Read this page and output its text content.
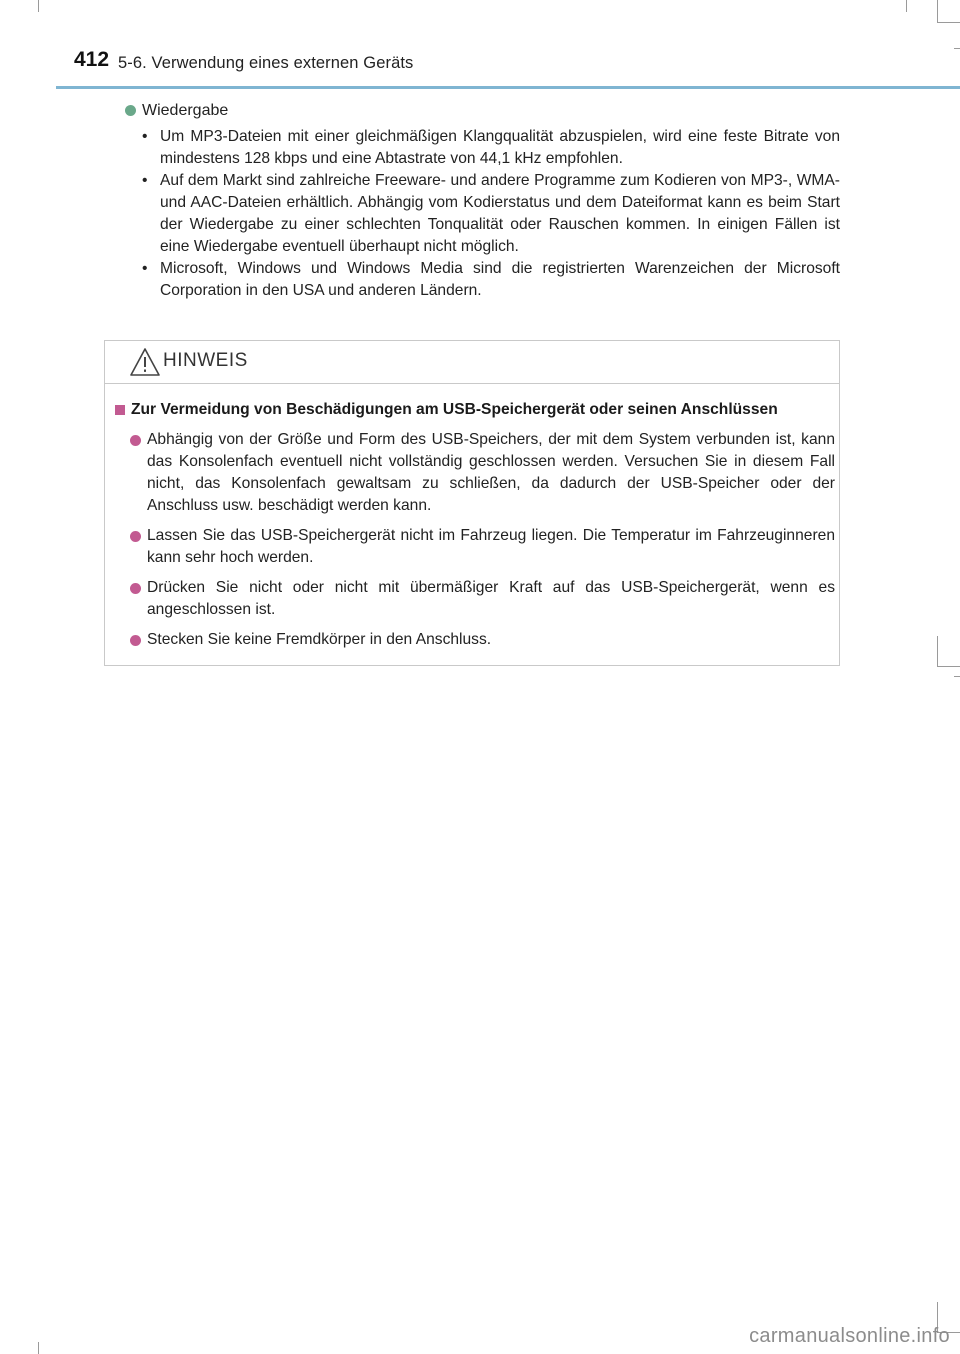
412 5-6. Verwendung eines externen Geräts
Wiedergabe
• Um MP3-Dateien mit einer gleichmäßigen Klangqualität abzuspielen, wird eine feste Bitrate von mindestens 128 kbps und eine Abtastrate von 44,1 kHz empfohlen.
• Auf dem Markt sind zahlreiche Freeware- und andere Programme zum Kodieren von MP3-, WMA- und AAC-Dateien erhältlich. Abhängig vom Kodierstatus und dem Dateiformat kann es beim Start der Wiedergabe zu einer schlechten Tonqualität oder Rauschen kommen. In einigen Fällen ist eine Wiedergabe eventuell überhaupt nicht möglich.
• Microsoft, Windows und Windows Media sind die registrierten Warenzeichen der Microsoft Corporation in den USA und anderen Ländern.
HINWEIS
Zur Vermeidung von Beschädigungen am USB-Speichergerät oder seinen Anschlüssen
Abhängig von der Größe und Form des USB-Speichers, der mit dem System verbunden ist, kann das Konsolenfach eventuell nicht vollständig geschlossen werden. Versuchen Sie in diesem Fall nicht, das Konsolenfach gewaltsam zu schließen, da dadurch der USB-Speicher oder der Anschluss usw. beschädigt werden kann.
Lassen Sie das USB-Speichergerät nicht im Fahrzeug liegen. Die Temperatur im Fahrzeuginneren kann sehr hoch werden.
Drücken Sie nicht oder nicht mit übermäßiger Kraft auf das USB-Speichergerät, wenn es angeschlossen ist.
Stecken Sie keine Fremdkörper in den Anschluss.
carmanualsonline.info
